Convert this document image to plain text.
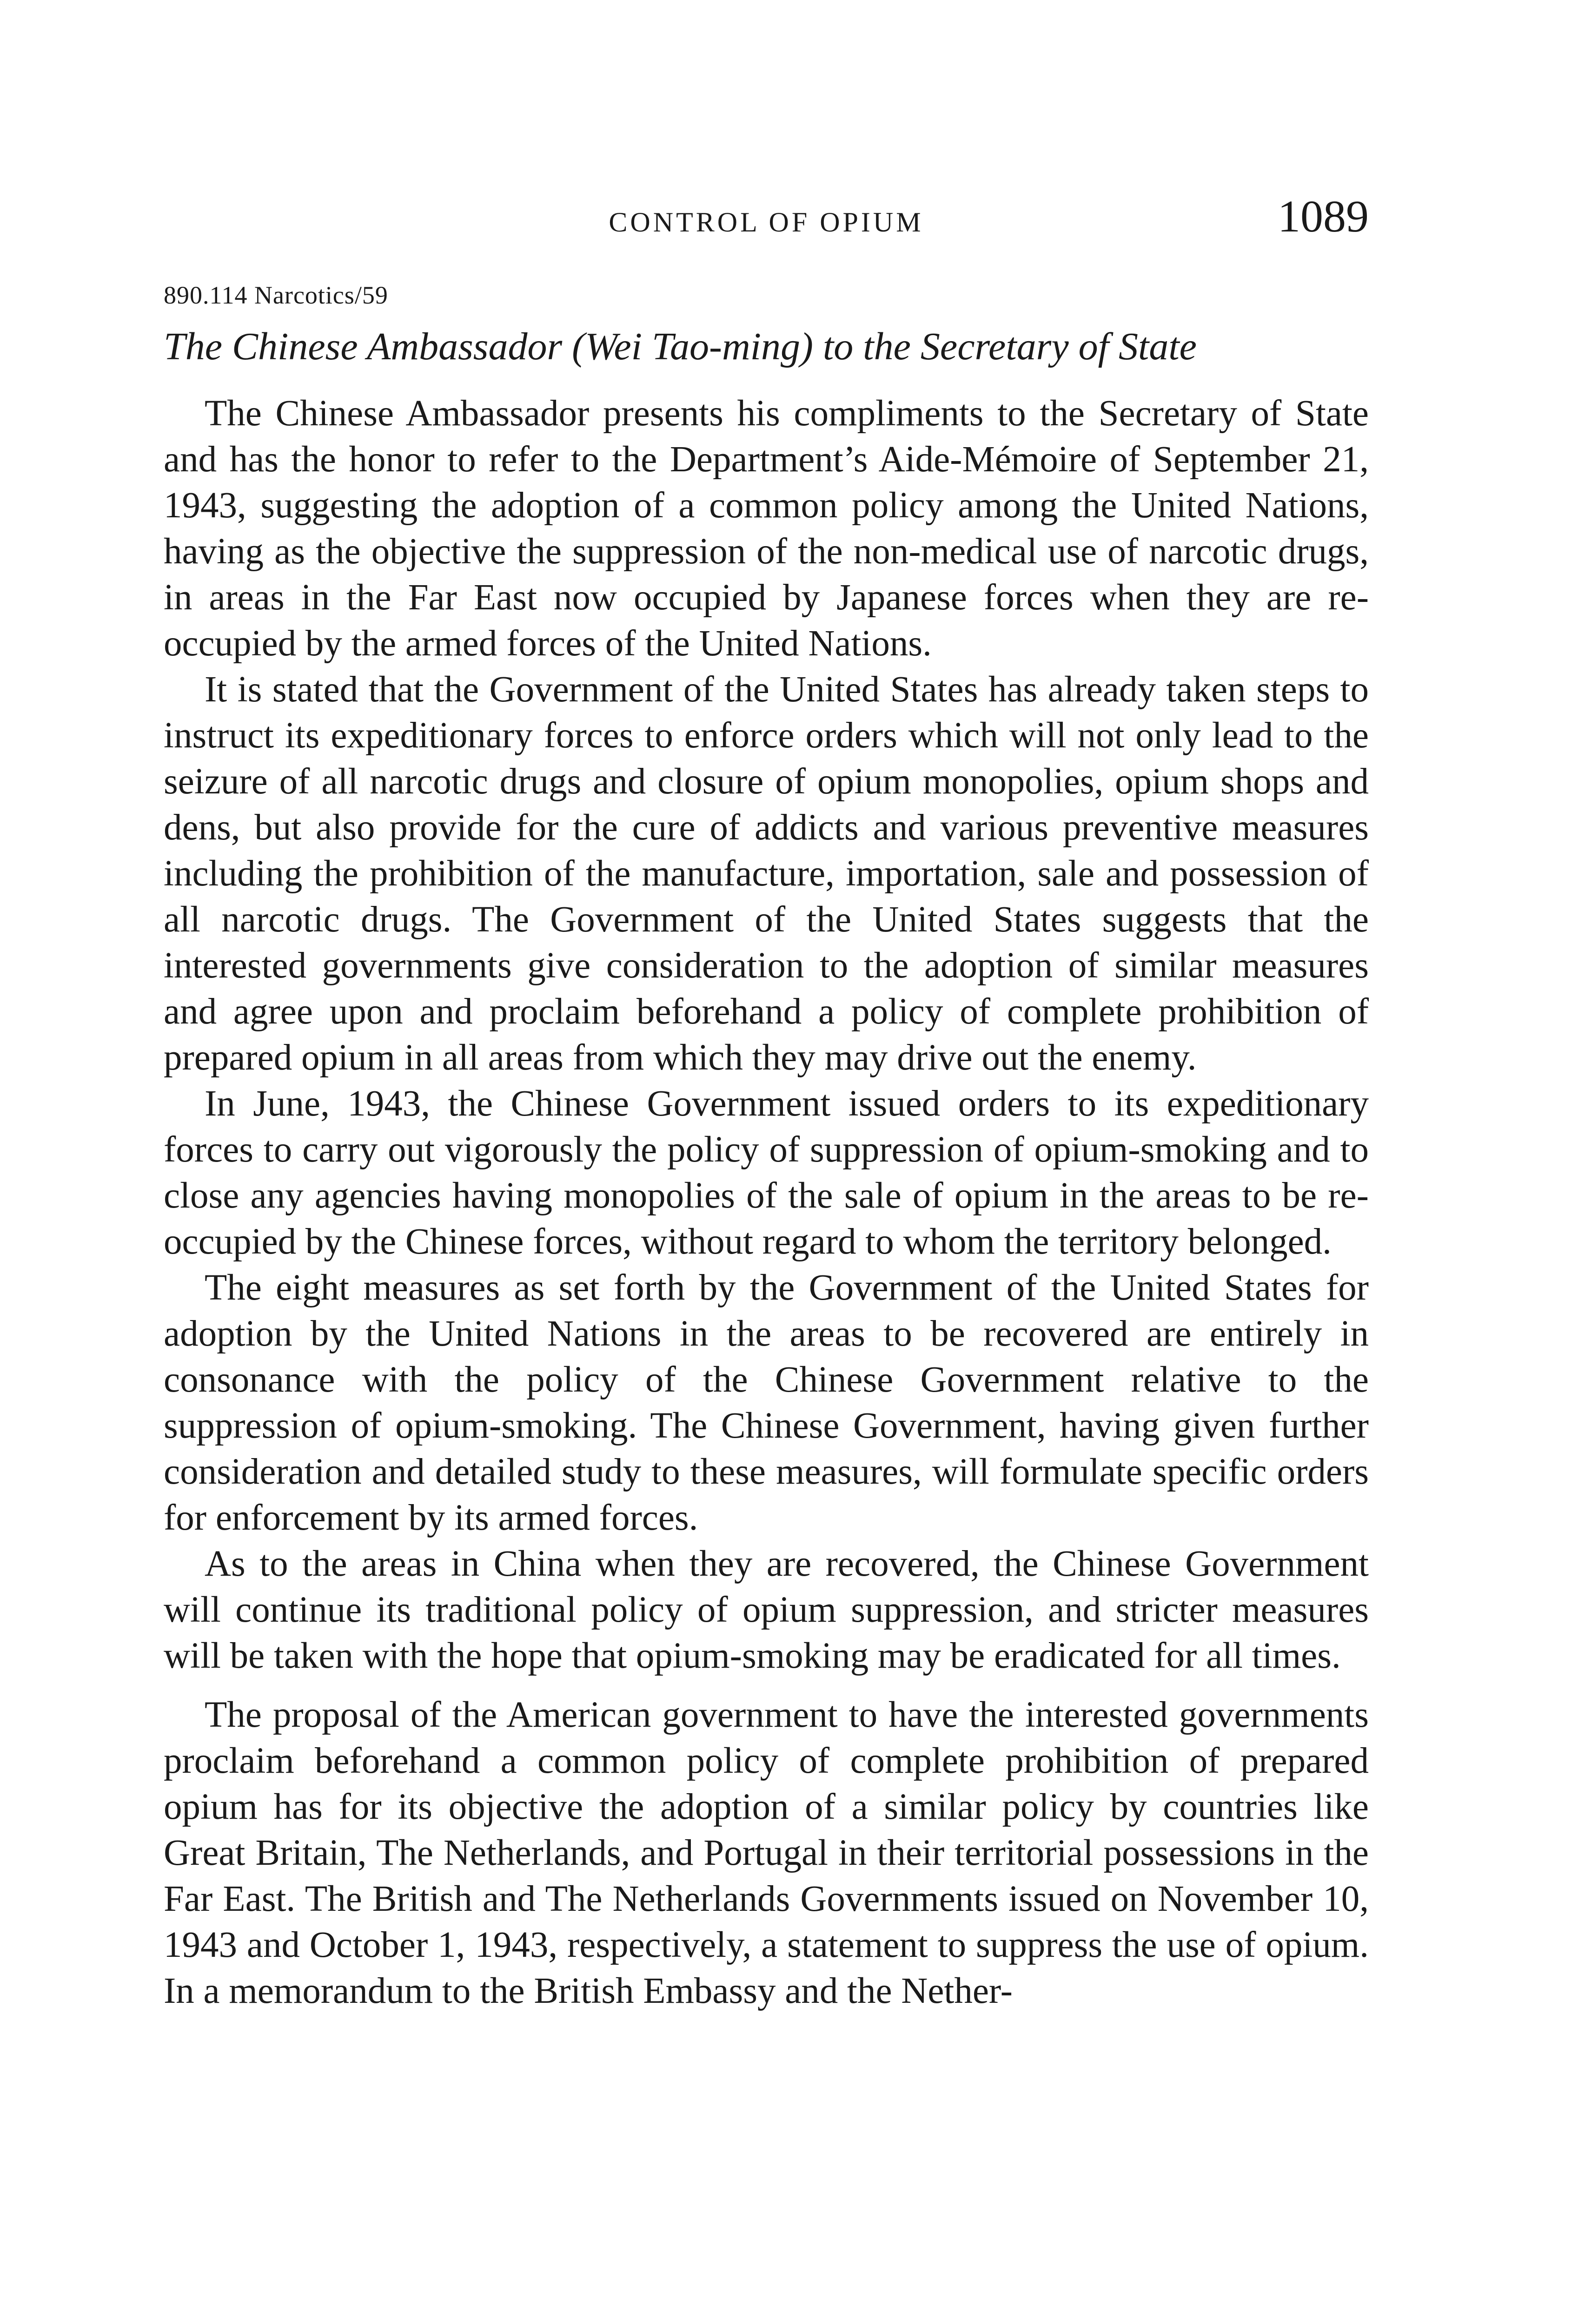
CONTROL OF OPIUM	1089
890.114 Narcotics/59
The Chinese Ambassador (Wei Tao-ming) to the Secretary of State

The Chinese Ambassador presents his compliments to the Secretary of State and has the honor to refer to the Department’s Aide-Mémoire of September 21, 1943, suggesting the adoption of a common policy among the United Nations, having as the objective the suppression of the non-medical use of narcotic drugs, in areas in the Far East now occupied by Japanese forces when they are re-occupied by the armed forces of the United Nations.

It is stated that the Government of the United States has already taken steps to instruct its expeditionary forces to enforce orders which will not only lead to the seizure of all narcotic drugs and closure of opium monopolies, opium shops and dens, but also provide for the cure of addicts and various preventive measures including the prohibition of the manufacture, importation, sale and possession of all narcotic drugs. The Government of the United States suggests that the interested governments give consideration to the adoption of similar measures and agree upon and proclaim beforehand a policy of complete prohibition of prepared opium in all areas from which they may drive out the enemy.

In June, 1943, the Chinese Government issued orders to its expeditionary forces to carry out vigorously the policy of suppression of opium-smoking and to close any agencies having monopolies of the sale of opium in the areas to be re-occupied by the Chinese forces, without regard to whom the territory belonged.

The eight measures as set forth by the Government of the United States for adoption by the United Nations in the areas to be recovered are entirely in consonance with the policy of the Chinese Government relative to the suppression of opium-smoking. The Chinese Government, having given further consideration and detailed study to these measures, will formulate specific orders for enforcement by its armed forces.

As to the areas in China when they are recovered, the Chinese Government will continue its traditional policy of opium suppression, and stricter measures will be taken with the hope that opium-smoking may be eradicated for all times.

The proposal of the American government to have the interested governments proclaim beforehand a common policy of complete prohibition of prepared opium has for its objective the adoption of a similar policy by countries like Great Britain, The Netherlands, and Portugal in their territorial possessions in the Far East. The British and The Netherlands Governments issued on November 10, 1943 and October 1, 1943, respectively, a statement to suppress the use of opium. In a memorandum to the British Embassy and the Nether-
